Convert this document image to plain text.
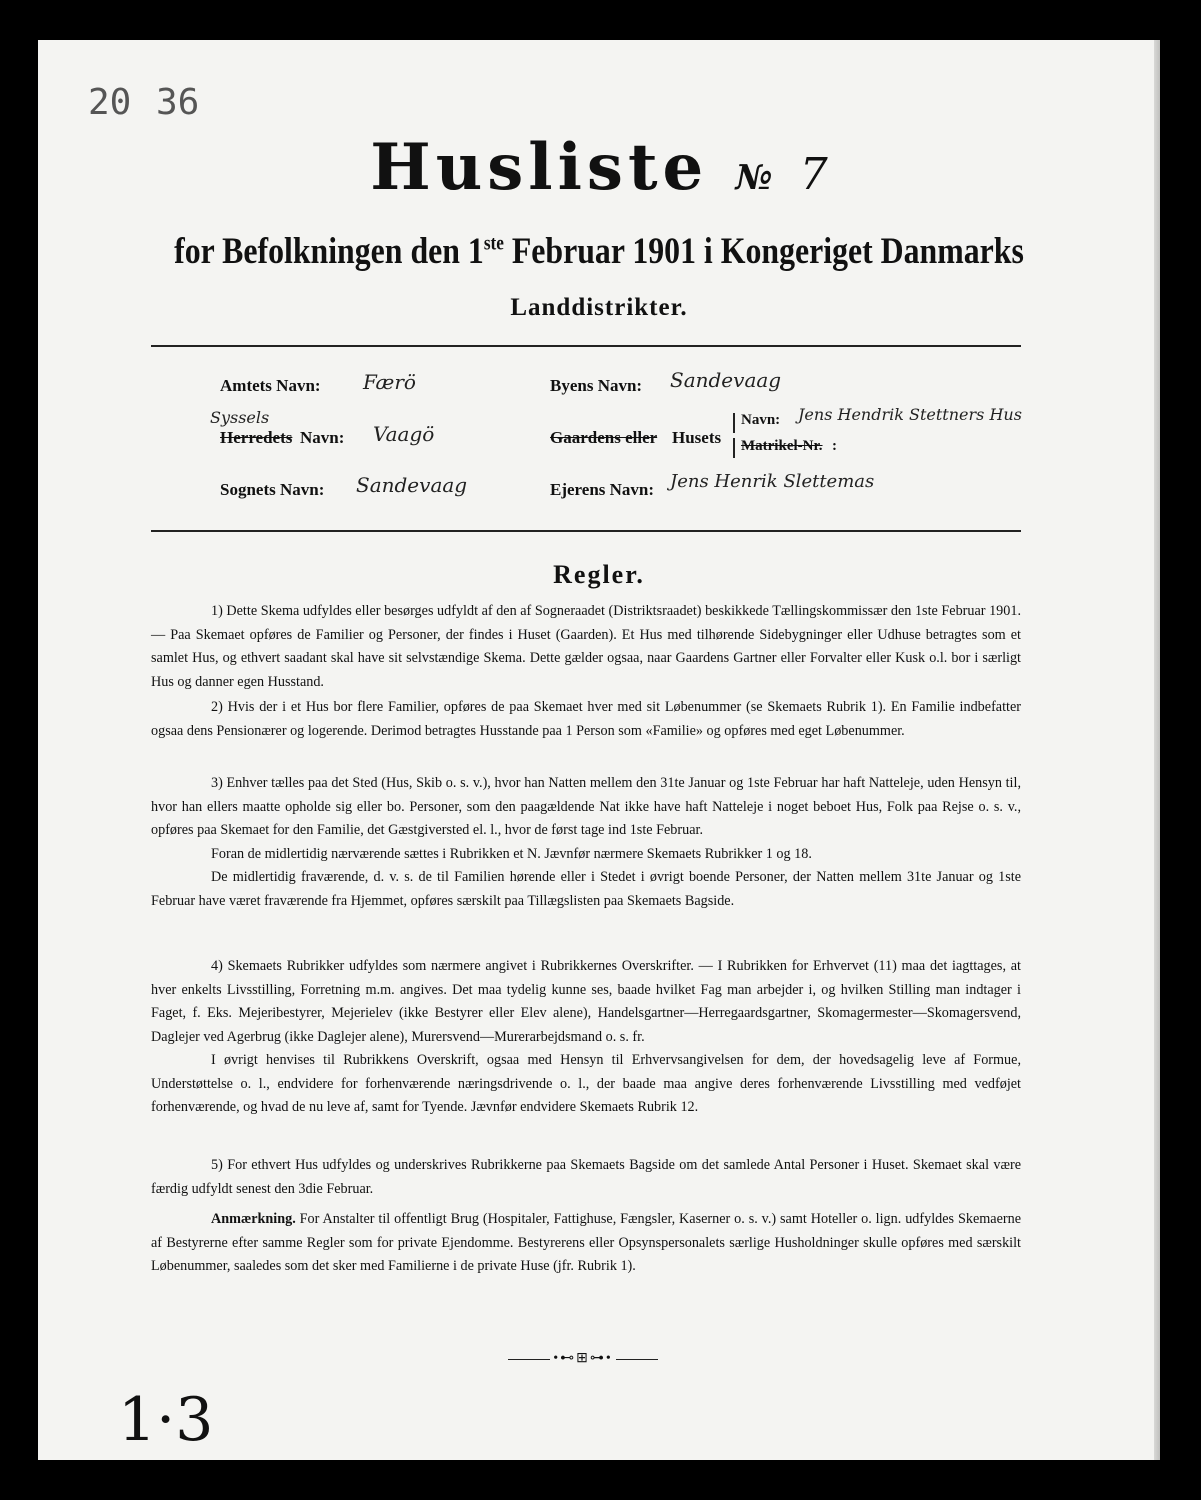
20 36
Husliste № 7
for Befolkningen den 1ste Februar 1901 i Kongeriget Danmarks
Landdistrikter.
Amtets Navn: Færö
Syssels
Herredets Navn: Vaagö
Sognets Navn: Sandevaag
Byens Navn: Sandevaag
Gaardens eller Husets
Navn: Jens Hendrik Stettners Hus
Matrikel-Nr. :
Ejerens Navn: Jens Henrik Slettemas
Regler.

1) Dette Skema udfyldes eller besørges udfyldt af den af Sogneraadet (Distriktsraadet) beskikkede Tællingskommissær den 1ste Februar 1901. — Paa Skemaet opføres de Familier og Personer, der findes i Huset (Gaarden). Et Hus med tilhørende Sidebygninger eller Udhuse betragtes som et samlet Hus, og ethvert saadant skal have sit selvstændige Skema. Dette gælder ogsaa, naar Gaardens Gartner eller Forvalter eller Kusk o.l. bor i særligt Hus og danner egen Husstand.

2) Hvis der i et Hus bor flere Familier, opføres de paa Skemaet hver med sit Løbenummer (se Skemaets Rubrik 1). En Familie indbefatter ogsaa dens Pensionærer og logerende. Derimod betragtes Husstande paa 1 Person som «Familie» og opføres med eget Løbenummer.

3) Enhver tælles paa det Sted (Hus, Skib o. s. v.), hvor han Natten mellem den 31te Januar og 1ste Februar har haft Natteleje, uden Hensyn til, hvor han ellers maatte opholde sig eller bo. Personer, som den paagældende Nat ikke have haft Natteleje i noget beboet Hus, Folk paa Rejse o. s. v., opføres paa Skemaet for den Familie, det Gæstgiversted el. l., hvor de først tage ind 1ste Februar.

Foran de midlertidig nærværende sættes i Rubrikken et N. Jævnfør nærmere Skemaets Rubrikker 1 og 18.

De midlertidig fraværende, d. v. s. de til Familien hørende eller i Stedet i øvrigt boende Personer, der Natten mellem 31te Januar og 1ste Februar have været fraværende fra Hjemmet, opføres særskilt paa Tillægslisten paa Skemaets Bagside.

4) Skemaets Rubrikker udfyldes som nærmere angivet i Rubrikkernes Overskrifter. — I Rubrikken for Erhvervet (11) maa det iagttages, at hver enkelts Livsstilling, Forretning m.m. angives. Det maa tydelig kunne ses, baade hvilket Fag man arbejder i, og hvilken Stilling man indtager i Faget, f. Eks. Mejeribestyrer, Mejerielev (ikke Bestyrer eller Elev alene), Handelsgartner—Herregaardsgartner, Skomagermester—Skomagersvend, Daglejer ved Agerbrug (ikke Daglejer alene), Murersvend—Murerarbejdsmand o. s. fr.

I øvrigt henvises til Rubrikkens Overskrift, ogsaa med Hensyn til Erhvervsangivelsen for dem, der hovedsagelig leve af Formue, Understøttelse o. l., endvidere for forhenværende næringsdrivende o. l., der baade maa angive deres forhenværende Livsstilling med vedføjet forhenværende, og hvad de nu leve af, samt for Tyende. Jævnfør endvidere Skemaets Rubrik 12.

5) For ethvert Hus udfyldes og underskrives Rubrikkerne paa Skemaets Bagside om det samlede Antal Personer i Huset. Skemaet skal være færdig udfyldt senest den 3die Februar.

Anmærkning. For Anstalter til offentligt Brug (Hospitaler, Fattighuse, Fængsler, Kaserner o. s. v.) samt Hoteller o. lign. udfyldes Skemaerne af Bestyrerne efter samme Regler som for private Ejendomme. Bestyrerens eller Opsynspersonalets særlige Husholdninger skulle opføres med særskilt Løbenummer, saaledes som det sker med Familierne i de private Huse (jfr. Rubrik 1).

•⊷⊞⊶•
1·3
